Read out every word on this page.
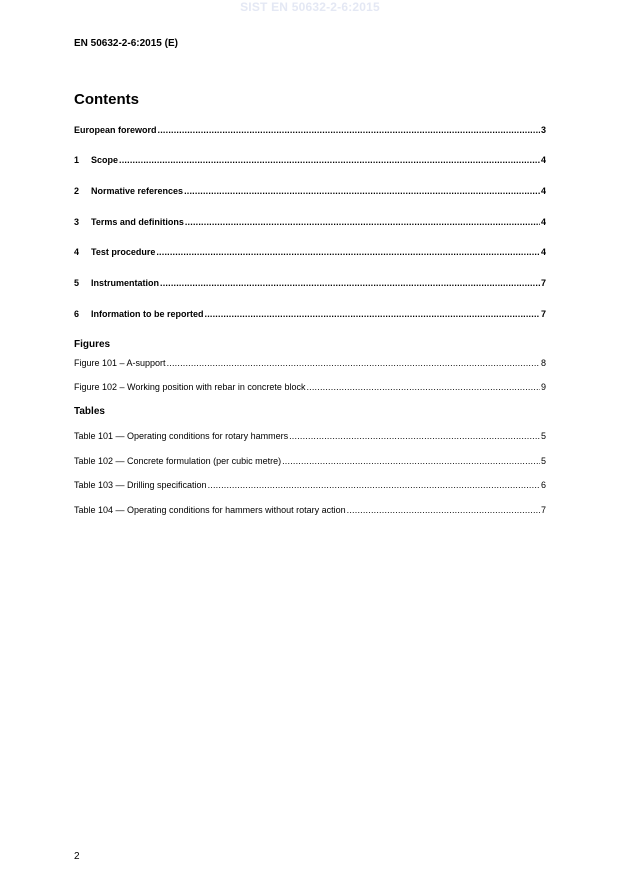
SIST EN 50632-2-6:2015
EN 50632-2-6:2015 (E)
Contents
European foreword .....	3
1	Scope .....	4
2	Normative references .....	4
3	Terms and definitions .....	4
4	Test procedure .....	4
5	Instrumentation .....	7
6	Information to be reported .....	7
Figures
Figure 101 – A-support .....	8
Figure 102 – Working position with rebar in concrete block .....	9
Tables
Table 101 — Operating conditions for rotary hammers .....	5
Table 102 — Concrete formulation (per cubic metre) .....	5
Table 103 — Drilling specification .....	6
Table 104 — Operating conditions for hammers without rotary action .....	7
2
